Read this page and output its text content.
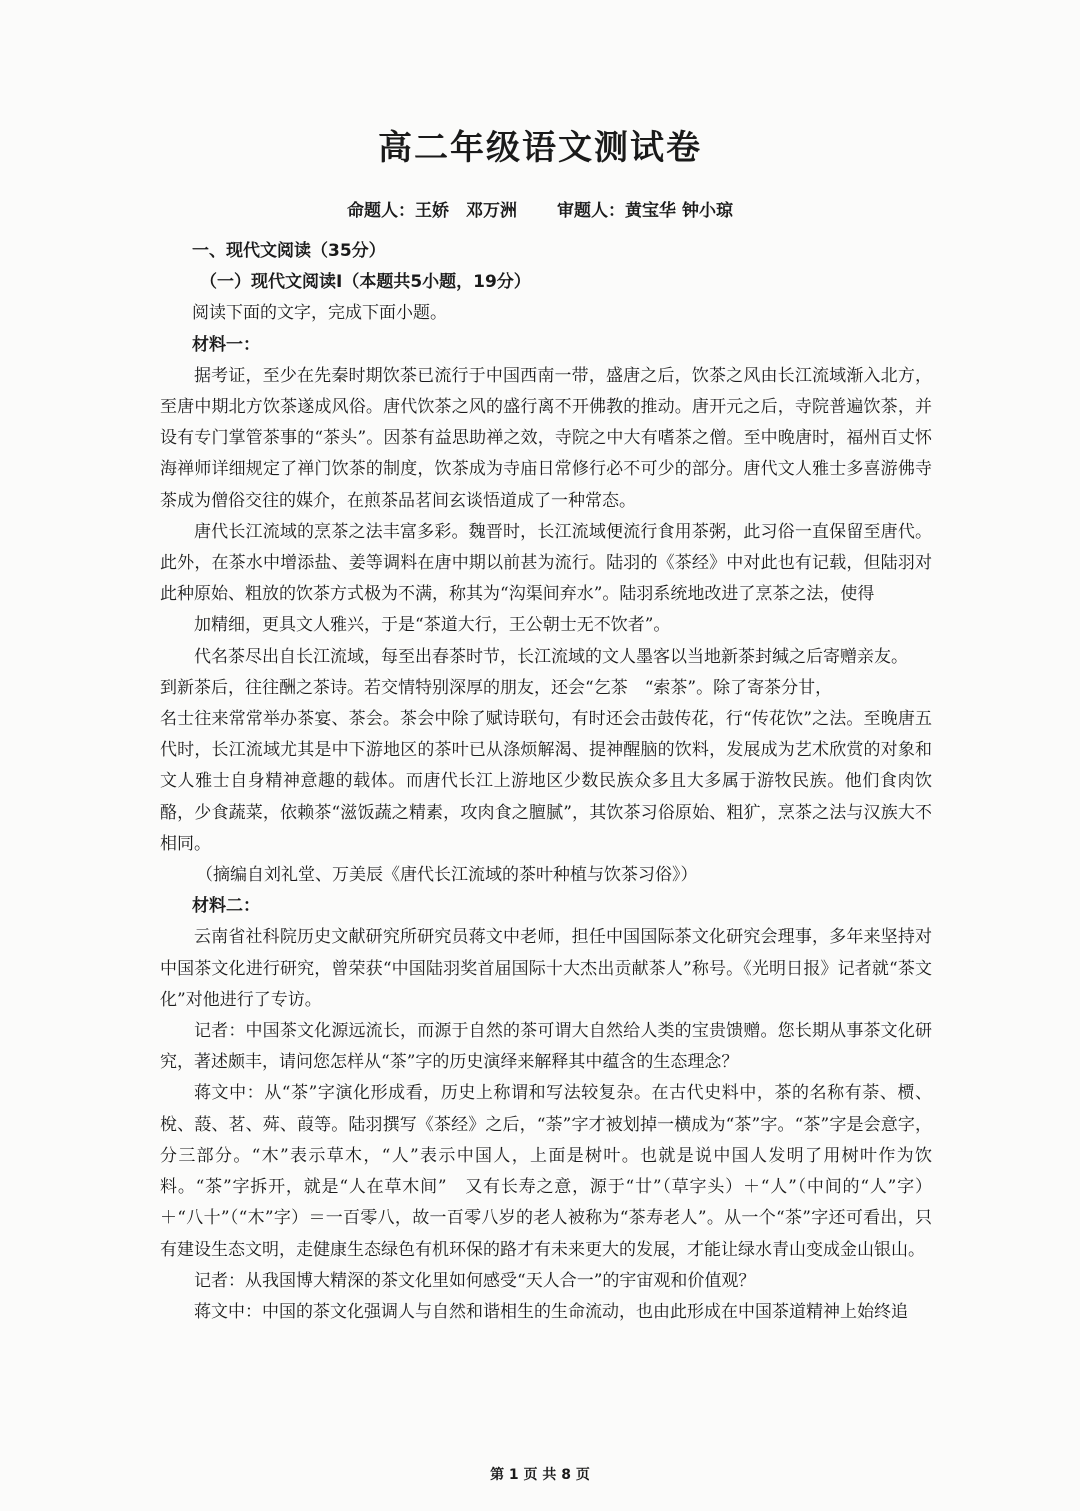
高二年级语文测试卷
命题人：王娇　邓万洲 审题人：黄宝华 钟小琼
一、现代文阅读（35分）
（一）现代文阅读Ⅰ（本题共5小题，19分）
阅读下面的文字，完成下面小题。
材料一：

据考证，至少在先秦时期饮茶已流行于中国西南一带，盛唐之后，饮茶之风由长江流域渐入北方，至唐中期北方饮茶遂成风俗。唐代饮茶之风的盛行离不开佛教的推动。唐开元之后，寺院普遍饮茶，并设有专门掌管茶事的“茶头”。因茶有益思助禅之效，寺院之中大有嗜茶之僧。至中晚唐时，福州百丈怀海禅师详细规定了禅门饮茶的制度，饮茶成为寺庙日常修行必不可少的部分。唐代文人雅士多喜游佛寺　茶成为僧俗交往的媒介，在煎茶品茗间玄谈悟道成了一种常态。

唐代长江流域的烹茶之法丰富多彩。魏晋时，长江流域便流行食用茶粥，此习俗一直保留至唐代。此外，在茶水中增添盐、姜等调料在唐中期以前甚为流行。陆羽的《茶经》中对此也有记载，但陆羽对此种原始、粗放的饮茶方式极为不满，称其为“沟渠间弃水”。陆羽系统地改进了烹茶之法，使得

加精细，更具文人雅兴，于是“茶道大行，王公朝士无不饮者”。

代名茶尽出自长江流域，每至出春茶时节，长江流域的文人墨客以当地新茶封缄之后寄赠亲友。

到新茶后，往往酬之茶诗。若交情特别深厚的朋友，还会“乞茶　“索茶”。除了寄茶分甘，

名士往来常常举办茶宴、茶会。茶会中除了赋诗联句，有时还会击鼓传花，行“传花饮”之法。至晚唐五代时，长江流域尤其是中下游地区的茶叶已从涤烦解渴、提神醒脑的饮料，发展成为艺术欣赏的对象和文人雅士自身精神意趣的载体。而唐代长江上游地区少数民族众多且大多属于游牧民族。他们食肉饮酪，少食蔬菜，依赖茶“滋饭蔬之精素，攻肉食之膻腻”，其饮茶习俗原始、粗犷，烹茶之法与汉族大不相同。

（摘编自刘礼堂、万美辰《唐代长江流域的茶叶种植与饮茶习俗》）
材料二：

云南省社科院历史文献研究所研究员蒋文中老师，担任中国国际茶文化研究会理事，多年来坚持对中国茶文化进行研究，曾荣获“中国陆羽奖首届国际十大杰出贡献茶人”称号。《光明日报》记者就“茶文化”对他进行了专访。

记者：中国茶文化源远流长，而源于自然的茶可谓大自然给人类的宝贵馈赠。您长期从事茶文化研究，著述颇丰，请问您怎样从“茶”字的历史演绎来解释其中蕴含的生态理念？

蒋文中：从“茶”字演化形成看，历史上称谓和写法较复杂。在古代史料中，茶的名称有荼、槚、梲、蔎、茗、荈、葭等。陆羽撰写《茶经》之后，“荼”字才被划掉一横成为“茶”字。“茶”字是会意字，分三部分。“木”表示草木，“人”表示中国人，上面是树叶。也就是说中国人发明了用树叶作为饮料。“茶”字拆开，就是“人在草木间”　又有长寿之意，源于“廿”（草字头）＋“人”（中间的“人”字）＋“八十”（“木”字）＝一百零八，故一百零八岁的老人被称为“茶寿老人”。从一个“茶”字还可看出，只有建设生态文明，走健康生态绿色有机环保的路才有未来更大的发展，才能让绿水青山变成金山银山。

记者：从我国博大精深的茶文化里如何感受“天人合一”的宇宙观和价值观？

蒋文中：中国的茶文化强调人与自然和谐相生的生命流动，也由此形成在中国茶道精神上始终追

第 1 页 共 8 页
